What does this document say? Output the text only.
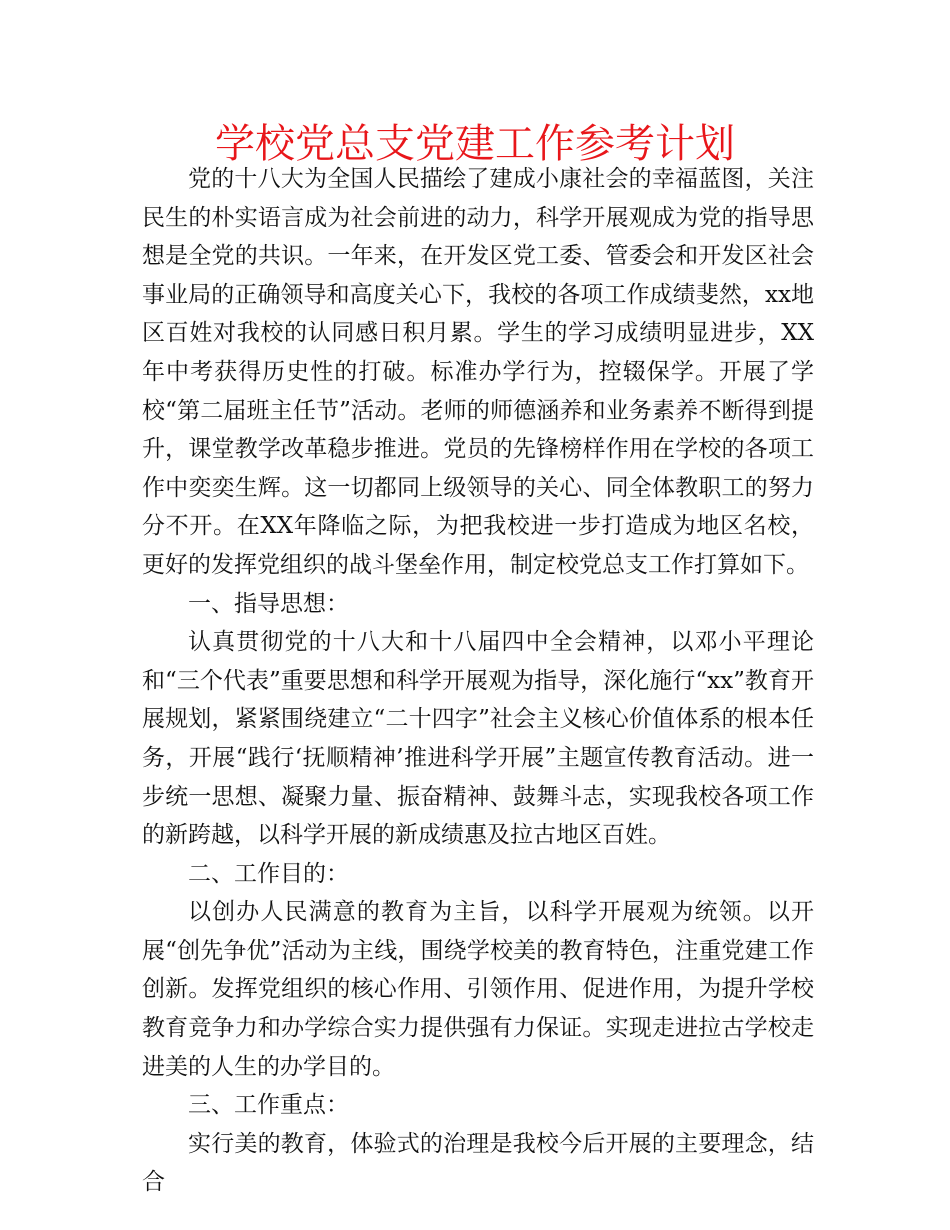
学校党总支党建工作参考计划

党的十八大为全国人民描绘了建成小康社会的幸福蓝图，关注民生的朴实语言成为社会前进的动力，科学开展观成为党的指导思想是全党的共识。一年来，在开发区党工委、管委会和开发区社会事业局的正确领导和高度关心下，我校的各项工作成绩斐然，xx地区百姓对我校的认同感日积月累。学生的学习成绩明显进步，XX年中考获得历史性的打破。标准办学行为，控辍保学。开展了学校“第二届班主任节”活动。老师的师德涵养和业务素养不断得到提升，课堂教学改革稳步推进。党员的先锋榜样作用在学校的各项工作中奕奕生辉。这一切都同上级领导的关心、同全体教职工的努力分不开。在XX年降临之际，为把我校进一步打造成为地区名校，更好的发挥党组织的战斗堡垒作用，制定校党总支工作打算如下。

一、指导思想：

认真贯彻党的十八大和十八届四中全会精神，以邓小平理论和“三个代表”重要思想和科学开展观为指导，深化施行“xx”教育开展规划，紧紧围绕建立“二十四字”社会主义核心价值体系的根本任务，开展“践行‘抚顺精神’推进科学开展”主题宣传教育活动。进一步统一思想、凝聚力量、振奋精神、鼓舞斗志，实现我校各项工作的新跨越，以科学开展的新成绩惠及拉古地区百姓。

二、工作目的：

以创办人民满意的教育为主旨，以科学开展观为统领。以开展“创先争优”活动为主线，围绕学校美的教育特色，注重党建工作创新。发挥党组织的核心作用、引领作用、促进作用，为提升学校教育竞争力和办学综合实力提供强有力保证。实现走进拉古学校走进美的人生的办学目的。

三、工作重点：

实行美的教育，体验式的治理是我校今后开展的主要理念，结合
